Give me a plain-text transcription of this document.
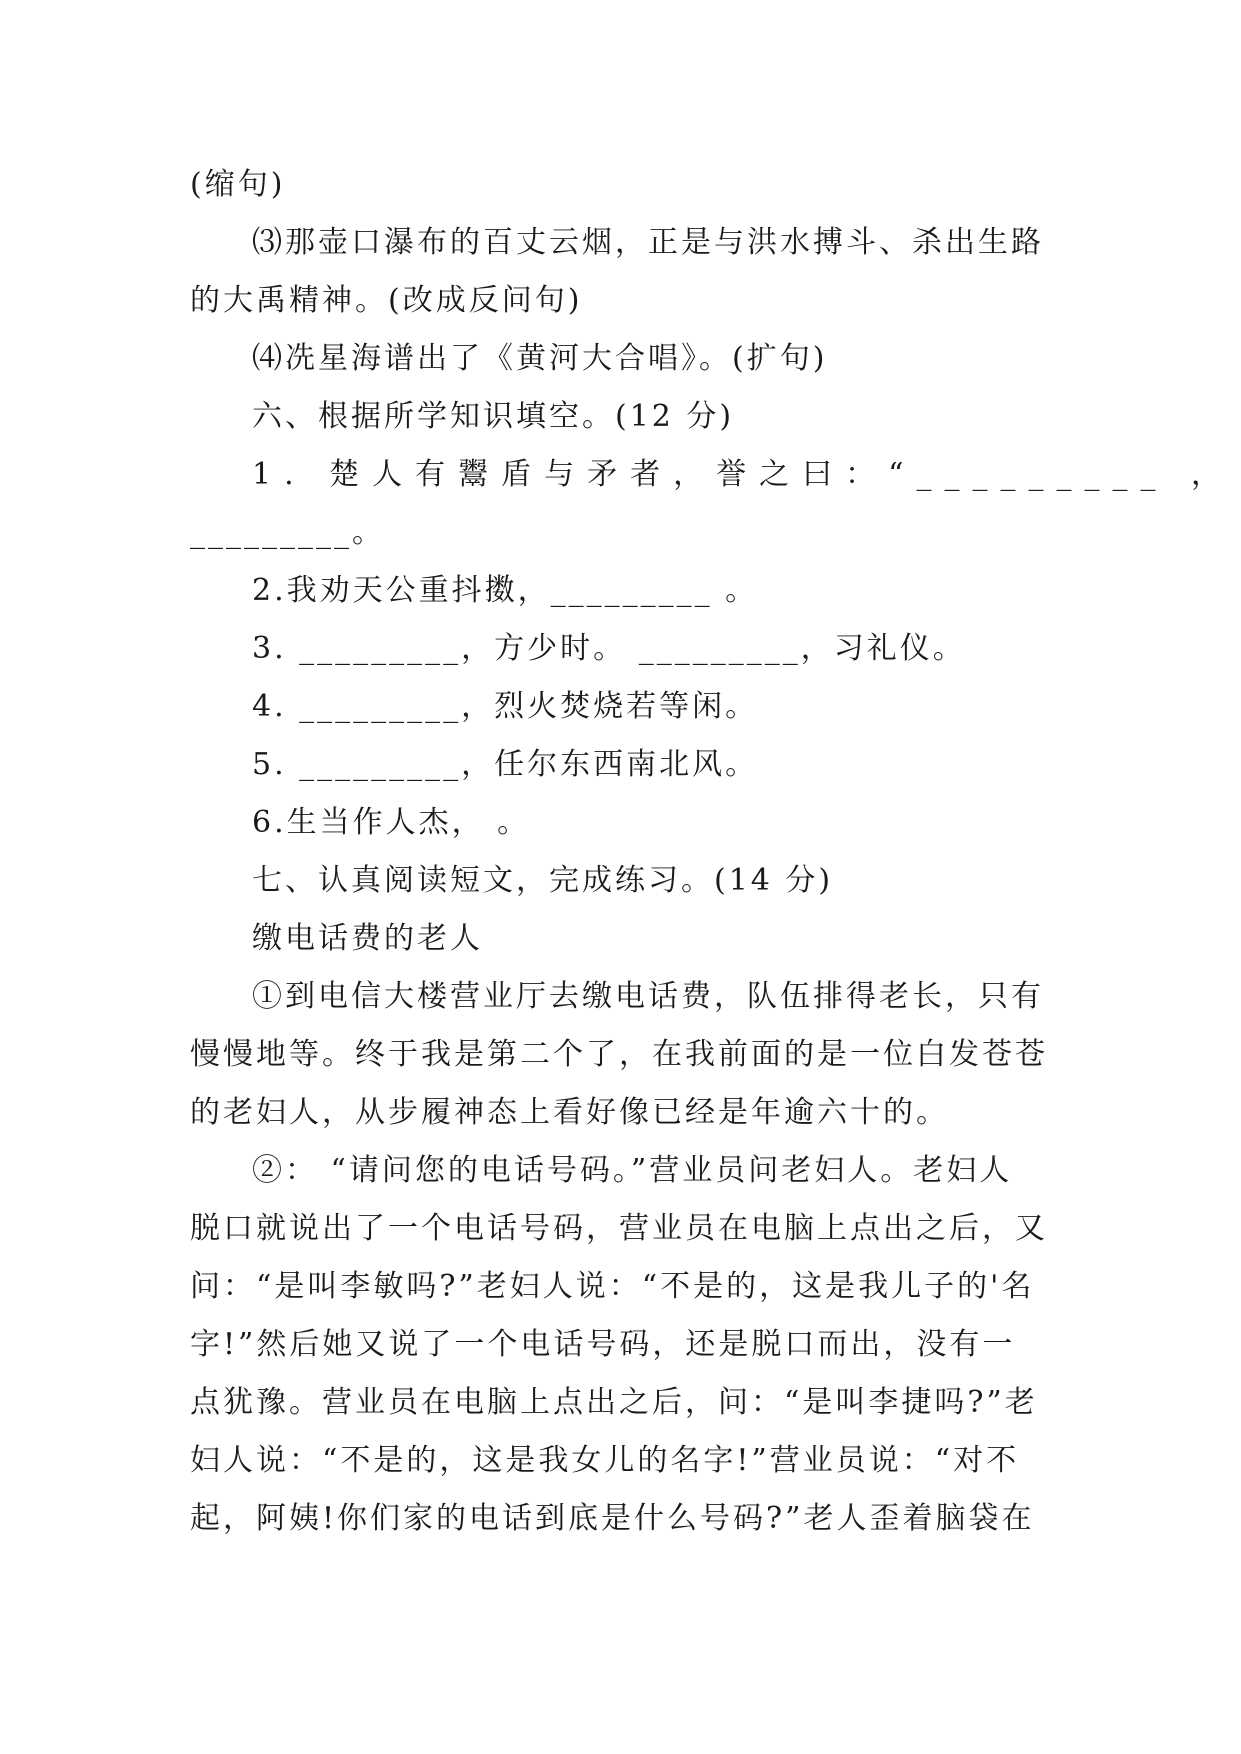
(缩句)
⑶那壶口瀑布的百丈云烟，正是与洪水搏斗、杀出生路
的大禹精神。(改成反问句)
⑷冼星海谱出了《黄河大合唱》。(扩句)
六、根据所学知识填空。(12 分)
1. 楚人有鬻盾与矛者，誉之曰：“_________ ，
_________。
2.我劝天公重抖擞，_________ 。
3. _________，方少时。 _________，习礼仪。
4. _________，烈火焚烧若等闲。
5. _________，任尔东西南北风。
6.生当作人杰， 。
七、认真阅读短文，完成练习。(14 分)
缴电话费的老人
①到电信大楼营业厅去缴电话费，队伍排得老长，只有
慢慢地等。终于我是第二个了，在我前面的是一位白发苍苍
的老妇人，从步履神态上看好像已经是年逾六十的。
②： “请问您的电话号码。”营业员问老妇人。老妇人
脱口就说出了一个电话号码，营业员在电脑上点出之后，又
问：“是叫李敏吗?”老妇人说：“不是的，这是我儿子的'名
字!”然后她又说了一个电话号码，还是脱口而出，没有一
点犹豫。营业员在电脑上点出之后，问：“是叫李捷吗?”老
妇人说：“不是的，这是我女儿的名字!”营业员说：“对不
起，阿姨!你们家的电话到底是什么号码?”老人歪着脑袋在
